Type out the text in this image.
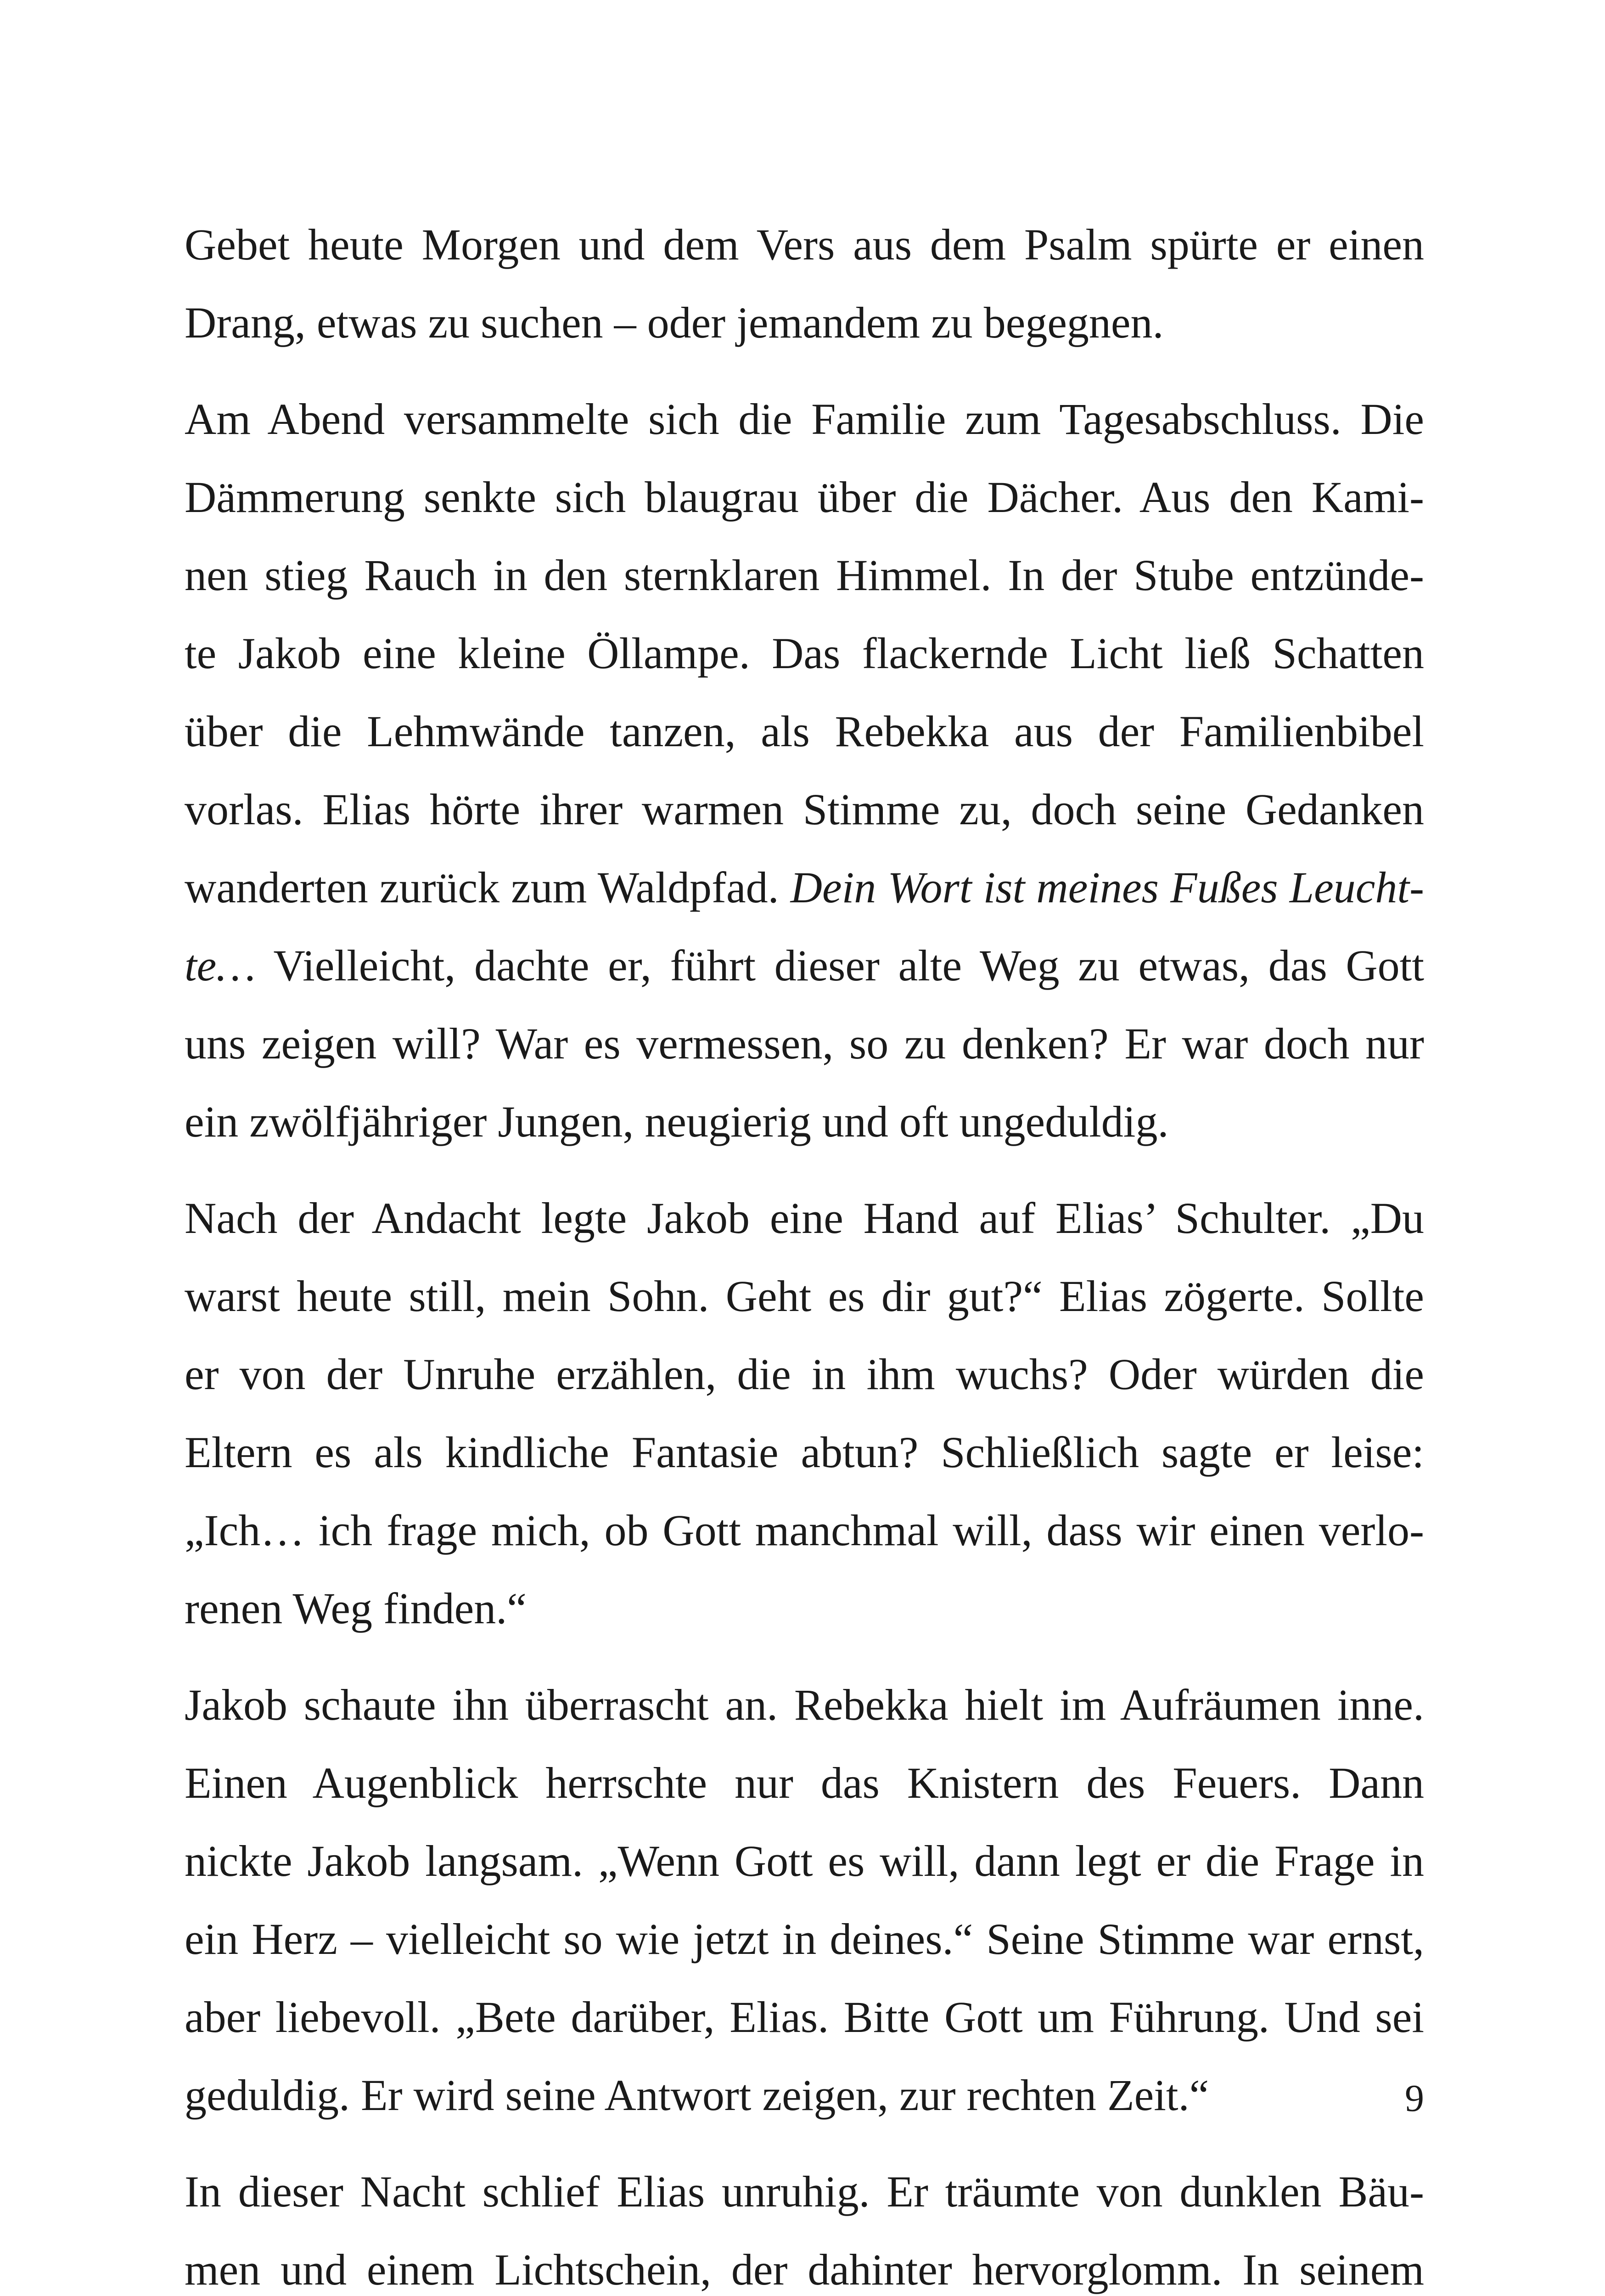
Gebet heute Morgen und dem Vers aus dem Psalm spürte er einen
Drang, etwas zu suchen – oder jemandem zu begegnen.
Am Abend versammelte sich die Familie zum Tagesabschluss. Die
Dämmerung senkte sich blaugrau über die Dächer. Aus den Kami-
nen stieg Rauch in den sternklaren Himmel. In der Stube entzünde-
te Jakob eine kleine Öllampe. Das flackernde Licht ließ Schatten
über die Lehmwände tanzen, als Rebekka aus der Familienbibel
vorlas. Elias hörte ihrer warmen Stimme zu, doch seine Gedanken
wanderten zurück zum Waldpfad. Dein Wort ist meines Fußes Leucht-
te… Vielleicht, dachte er, führt dieser alte Weg zu etwas, das Gott
uns zeigen will? War es vermessen, so zu denken? Er war doch nur
ein zwölfjähriger Jungen, neugierig und oft ungeduldig.
Nach der Andacht legte Jakob eine Hand auf Elias’ Schulter. „Du
warst heute still, mein Sohn. Geht es dir gut?“ Elias zögerte. Sollte
er von der Unruhe erzählen, die in ihm wuchs? Oder würden die
Eltern es als kindliche Fantasie abtun? Schließlich sagte er leise:
„Ich… ich frage mich, ob Gott manchmal will, dass wir einen verlo-
renen Weg finden.“
Jakob schaute ihn überrascht an. Rebekka hielt im Aufräumen inne.
Einen Augenblick herrschte nur das Knistern des Feuers. Dann
nickte Jakob langsam. „Wenn Gott es will, dann legt er die Frage in
ein Herz – vielleicht so wie jetzt in deines.“ Seine Stimme war ernst,
aber liebevoll. „Bete darüber, Elias. Bitte Gott um Führung. Und sei
geduldig. Er wird seine Antwort zeigen, zur rechten Zeit.“
In dieser Nacht schlief Elias unruhig. Er träumte von dunklen Bäu-
men und einem Lichtschein, der dahinter hervorglomm. In seinem
9
